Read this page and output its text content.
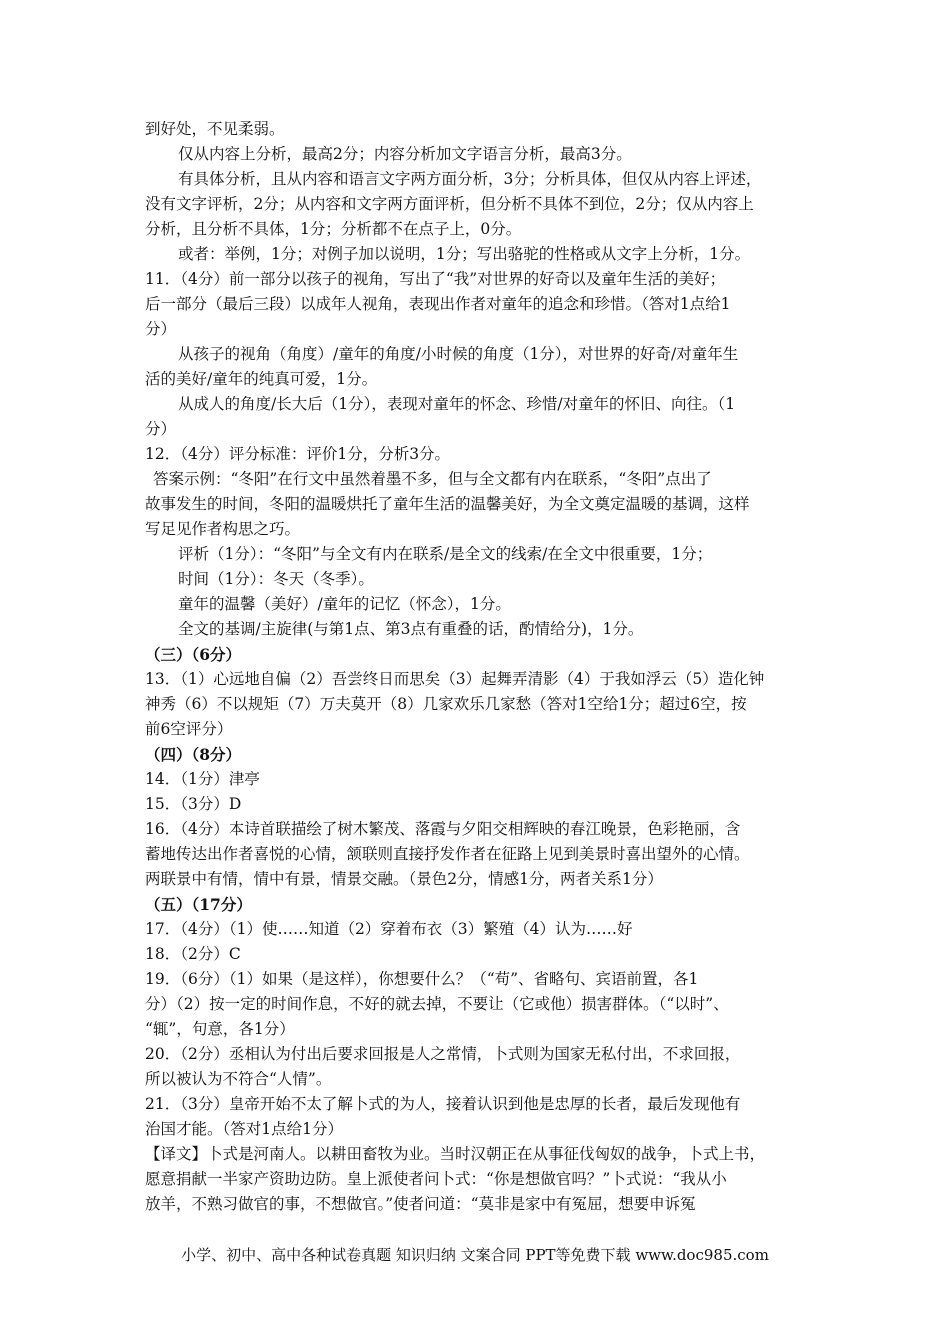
到好处，不见柔弱。
仅从内容上分析，最高2分；内容分析加文字语言分析，最高3分。
有具体分析，且从内容和语言文字两方面分析，3分；分析具体，但仅从内容上评述，
没有文字评析，2分；从内容和文字两方面评析，但分析不具体不到位，2分；仅从内容上
分析，且分析不具体，1分；分析都不在点子上，0分。
或者：举例，1分；对例子加以说明，1分；写出骆驼的性格或从文字上分析，1分。
11．（4分）前一部分以孩子的视角，写出了“我”对世界的好奇以及童年生活的美好；
后一部分（最后三段）以成年人视角，表现出作者对童年的追念和珍惜。（答对1点给1
分）
从孩子的视角（角度）/童年的角度/小时候的角度（1分），对世界的好奇/对童年生
活的美好/童年的纯真可爱，1分。
从成人的角度/长大后（1分），表现对童年的怀念、珍惜/对童年的怀旧、向往。（1
分）
12．（4分）评分标准：评价1分，分析3分。
答案示例：“冬阳”在行文中虽然着墨不多，但与全文都有内在联系，“冬阳”点出了
故事发生的时间，冬阳的温暖烘托了童年生活的温馨美好，为全文奠定温暖的基调，这样
写足见作者构思之巧。
评析（1分）：“冬阳”与全文有内在联系/是全文的线索/在全文中很重要，1分；
时间（1分）：冬天（冬季）。
童年的温馨（美好）/童年的记忆（怀念），1分。
全文的基调/主旋律(与第1点、第3点有重叠的话，酌情给分)，1分。
（三）（6分）
13．（1）心远地自偏（2）吾尝终日而思矣（3）起舞弄清影（4）于我如浮云（5）造化钟
神秀（6）不以规矩（7）万夫莫开（8）几家欢乐几家愁（答对1空给1分；超过6空，按
前6空评分）
（四）（8分）
14．（1分）津亭
15．（3分）D
16．（4分）本诗首联描绘了树木繁茂、落霞与夕阳交相辉映的春江晚景，色彩艳丽，含
蓄地传达出作者喜悦的心情，颔联则直接抒发作者在征路上见到美景时喜出望外的心情。
两联景中有情，情中有景，情景交融。（景色2分，情感1分，两者关系1分）
（五）（17分）
17．（4分）（1）使……知道（2）穿着布衣（3）繁殖（4）认为……好
18．（2分）C
19．（6分）（1）如果（是这样），你想要什么？（“苟”、省略句、宾语前置，各1
分）（2）按一定的时间作息，不好的就去掉，不要让（它或他）损害群体。（“以时”、
“辄”，句意，各1分）
20．（2分）丞相认为付出后要求回报是人之常情，卜式则为国家无私付出，不求回报，
所以被认为不符合“人情”。
21．（3分）皇帝开始不太了解卜式的为人，接着认识到他是忠厚的长者，最后发现他有
治国才能。（答对1点给1分）
【译文】卜式是河南人。以耕田畜牧为业。当时汉朝正在从事征伐匈奴的战争，卜式上书，
愿意捐献一半家产资助边防。皇上派使者问卜式：“你是想做官吗？”卜式说：“我从小
放羊，不熟习做官的事，不想做官。”使者问道：“莫非是家中有冤屈，想要申诉冤
小学、初中、高中各种试卷真题 知识归纳 文案合同 PPT等免费下载 www.doc985.com
